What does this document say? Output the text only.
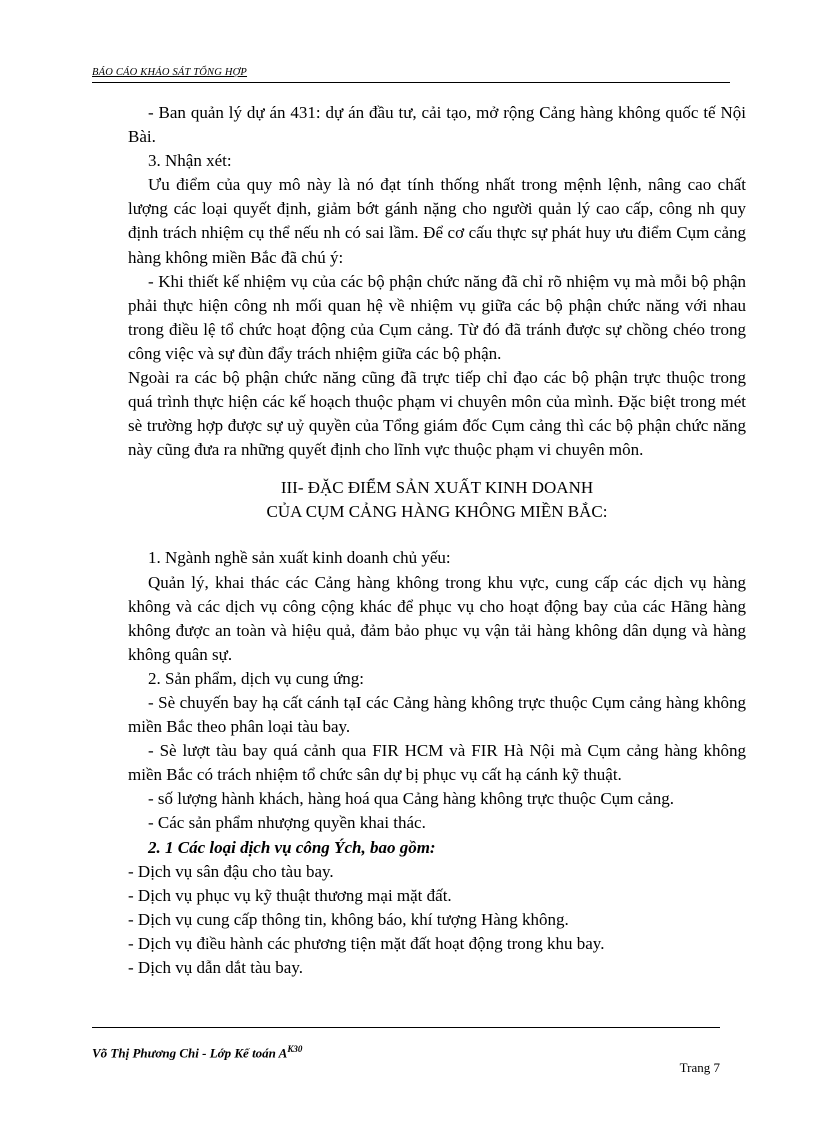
BÁO CÁO KHẢO SÁT TỔNG HỢP

- Ban quản lý dự án 431: dự án đầu tư, cải tạo, mở rộng Cảng hàng không quốc tế Nội Bài.

3. Nhận xét:

Ưu điểm của quy mô này là nó đạt tính thống nhất trong mệnh lệnh, nâng cao chất lượng các loại quyết định, giảm bớt gánh nặng cho người quản lý cao cấp, công nh quy định trách nhiệm cụ thể nếu nh có sai lầm. Để cơ cấu thực sự phát huy ưu điểm Cụm cảng hàng không miền Bắc đã chú ý:

- Khi thiết kế nhiệm vụ của các bộ phận chức năng đã chỉ rõ nhiệm vụ mà mỗi bộ phận phải thực hiện công nh mối quan hệ về nhiệm vụ giữa các bộ phận chức năng với nhau trong điều lệ tổ chức hoạt động của Cụm cảng. Từ đó đã tránh được sự chồng chéo trong công việc và sự đùn đẩy trách nhiệm giữa các bộ phận.

Ngoài ra các bộ phận chức năng cũng đã trực tiếp chỉ đạo các bộ phận trực thuộc trong quá trình thực hiện các kế hoạch thuộc phạm vi chuyên môn của mình. Đặc biệt trong mét sè trường hợp được sự uỷ quyền của Tổng giám đốc Cụm cảng thì các bộ phận chức năng này cũng đưa ra những quyết định cho lĩnh vực thuộc phạm vi chuyên môn.

III- ĐẶC ĐIỂM SẢN XUẤT KINH DOANH
CỦA CỤM CẢNG HÀNG KHÔNG MIỀN BẮC:

1. Ngành nghề sản xuất kinh doanh chủ yếu:

Quản lý, khai thác các Cảng hàng không trong khu vực, cung cấp các dịch vụ hàng không và các dịch vụ công cộng khác để phục vụ cho hoạt động bay của các Hãng hàng không được an toàn và hiệu quả, đảm bảo phục vụ vận tải hàng không dân dụng và hàng không quân sự.

2. Sản phẩm, dịch vụ cung ứng:

- Sè chuyến bay hạ cất cánh tạI các Cảng hàng không trực thuộc Cụm cảng hàng không miền Bắc theo phân loại tàu bay.

- Sè lượt tàu bay quá cảnh qua FIR HCM và FIR Hà Nội mà Cụm cảng hàng không miền Bắc có trách nhiệm tổ chức sân dự bị phục vụ cất hạ cánh kỹ thuật.

- số lượng hành khách, hàng hoá qua Cảng hàng không trực thuộc Cụm cảng.

- Các sản phẩm nhượng quyền khai thác.

2. 1 Các loại dịch vụ công Ých, bao gồm:

- Dịch vụ sân đậu cho tàu bay.

- Dịch vụ phục vụ kỹ thuật thương mại mặt đất.

- Dịch vụ cung cấp thông tin, không báo, khí tượng Hàng không.

- Dịch vụ điều hành các phương tiện mặt đất hoạt động trong khu bay.

- Dịch vụ dẫn dắt tàu bay.

Võ Thị Phương Chi - Lớp Kế toán $A^{K30}$
Trang 7
